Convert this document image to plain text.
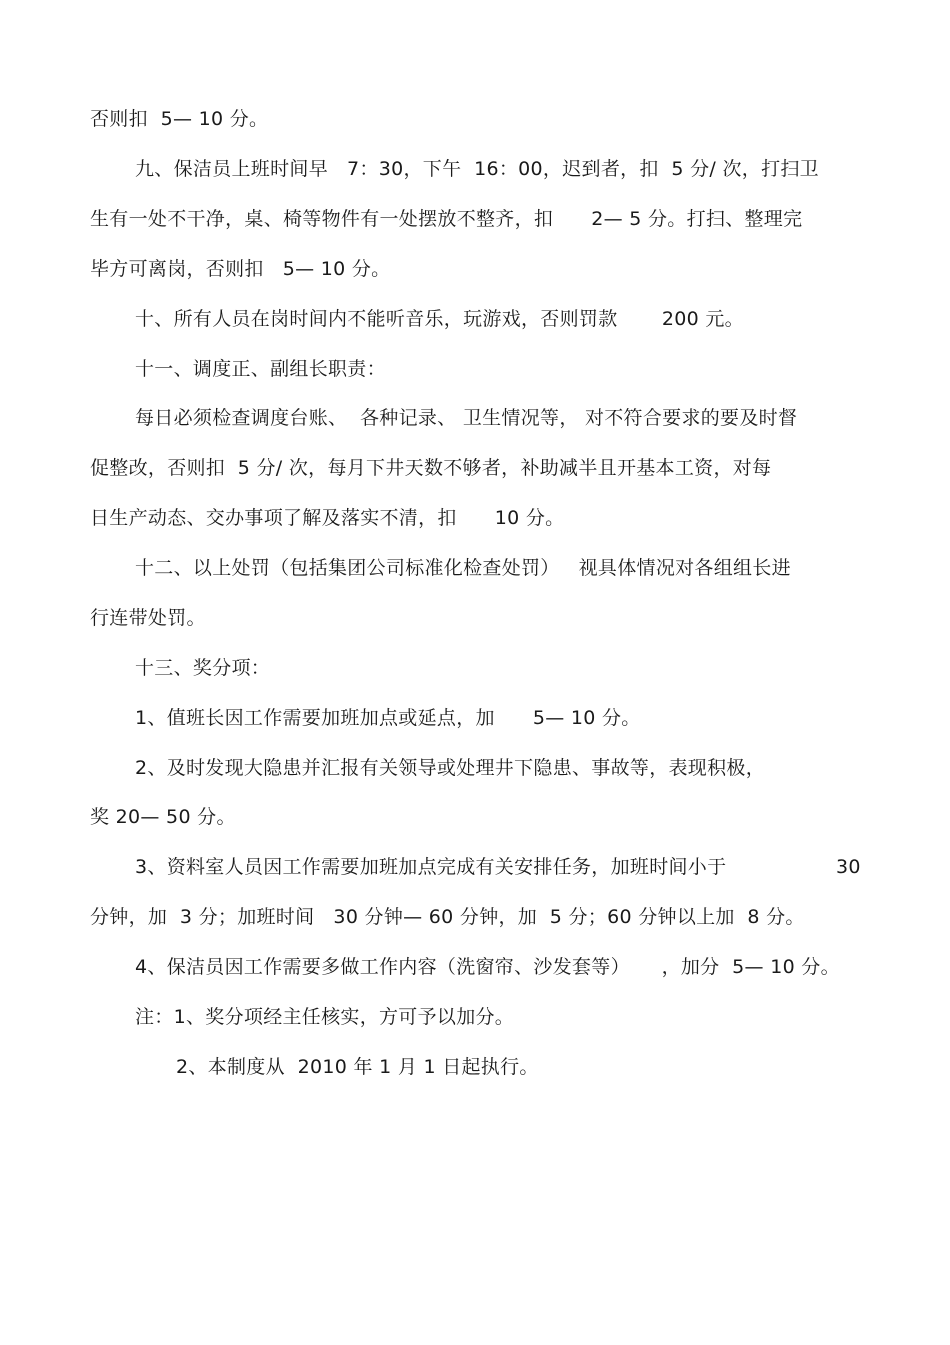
否则扣  5— 10 分。
九、保洁员上班时间早   7：30，下午  16：00，迟到者，扣  5 分/ 次，打扫卫
生有一处不干净，桌、椅等物件有一处摆放不整齐，扣      2— 5 分。打扫、整理完
毕方可离岗，否则扣   5— 10 分。
十、所有人员在岗时间内不能听音乐，玩游戏，否则罚款       200 元。
十一、调度正、副组长职责：
每日必须检查调度台账、  各种记录、 卫生情况等， 对不符合要求的要及时督
促整改，否则扣  5 分/ 次，每月下井天数不够者，补助减半且开基本工资，对每
日生产动态、交办事项了解及落实不清，扣      10 分。
十二、以上处罚（包括集团公司标准化检查处罚）   视具体情况对各组组长进
行连带处罚。
十三、奖分项：
1、值班长因工作需要加班加点或延点，加      5— 10 分。
2、及时发现大隐患并汇报有关领导或处理井下隐患、事故等，表现积极，
奖 20— 50 分。
3、资料室人员因工作需要加班加点完成有关安排任务，加班时间小于	30
分钟，加  3 分；加班时间   30 分钟— 60 分钟，加  5 分；60 分钟以上加  8 分。
4、保洁员因工作需要多做工作内容（洗窗帘、沙发套等）     ，加分  5— 10 分。
注：1、奖分项经主任核实，方可予以加分。
2、本制度从  2010 年 1 月 1 日起执行。
